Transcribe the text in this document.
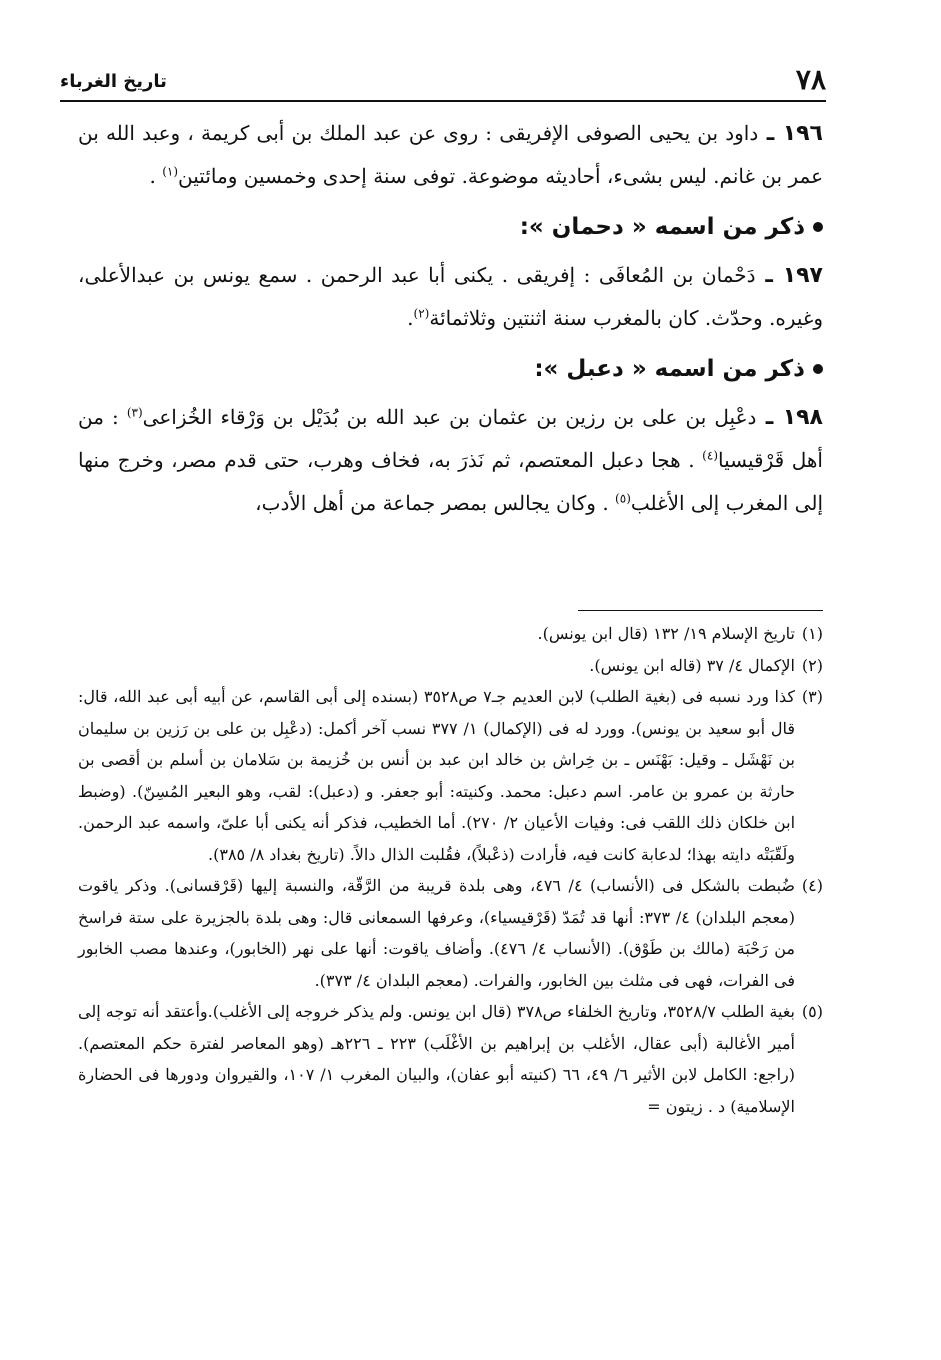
٧٨
تاريخ الغرباء

١٩٦ ـ داود بن يحيى الصوفى الإفريقى : روى عن عبد الملك بن أبى كريمة ، وعبد الله بن عمر بن غانم. ليس بشىء، أحاديثه موضوعة. توفى سنة إحدى وخمسين ومائتين$^{(١)}$ .

ذكر من اسمه « دحمان »:

١٩٧ ـ دَحْمان بن المُعافَى : إفريقى . يكنى أبا عبد الرحمن . سمع يونس بن عبدالأعلى، وغيره. وحدّث. كان بالمغرب سنة اثنتين وثلاثمائة$^{(٢)}$.

ذكر من اسمه « دعبل »:

١٩٨ ـ دعْبِل بن على بن رزين بن عثمان بن عبد الله بن بُدَيْل بن وَرْقاء الخُزاعى$^{(٣)}$ : من أهل قَرْقيسيا$^{(٤)}$ . هجا دعبل المعتصم، ثم نَذرَ به، فخاف وهرب، حتى قدم مصر، وخرج منها إلى المغرب إلى الأغلب$^{(٥)}$ . وكان يجالس بمصر جماعة من أهل الأدب،

(١)
تاريخ الإسلام ١٩/ ١٣٢ (قال ابن يونس).

(٢)
الإكمال ٤/ ٣٧ (قاله ابن يونس).

(٣)
كذا ورد نسبه فى (بغية الطلب) لابن العديم جـ٧ ص٣٥٢٨ (بسنده إلى أبى القاسم، عن أبيه أبى عبد الله، قال: قال أبو سعيد بن يونس). وورد له فى (الإكمال) ١/ ٣٧٧ نسب آخر أكمل: (دعْبِل بن على بن رَزين بن سليمان بن نَهْشَل ـ وقيل: بَهْنَس ـ بن خِراش بن خالد ابن عبد بن أنس بن خُزيمة بن سَلامان بن أسلم بن أقصى بن حارثة بن عمرو بن عامر. اسم دعبل: محمد. وكنيته: أبو جعفر. و (دعبل): لقب، وهو البعير المُسِنّ). (وضبط ابن خلكان ذلك اللقب فى: وفيات الأعيان ٢/ ٢٧٠). أما الخطيب، فذكر أنه يكنى أبا علىّ، واسمه عبد الرحمن. ولَقّبَتْه دايته بهذا؛ لدعابة كانت فيه، فأرادت (ذعْبلاً)، فقُلبت الذال دالاً. (تاريخ بغداد ٨/ ٣٨٥).

(٤)
ضُبطت بالشكل فى (الأنساب) ٤/ ٤٧٦، وهى بلدة قريبة من الرَّقّة، والنسبة إليها (قَرْقسانى). وذكر ياقوت (معجم البلدان) ٤/ ٣٧٣: أنها قد تُمَدّ (قَرْقيسياء)، وعرفها السمعانى قال: وهى بلدة بالجزيرة على ستة فراسخ من رَحْبَة (مالك بن طَوْق). (الأنساب ٤/ ٤٧٦). وأضاف ياقوت: أنها على نهر (الخابور)، وعندها مصب الخابور فى الفرات، فهى فى مثلث بين الخابور، والفرات. (معجم البلدان ٤/ ٣٧٣).

(٥)
بغية الطلب ٣٥٢٨/٧، وتاريخ الخلفاء ص٣٧٨ (قال ابن يونس. ولم يذكر خروجه إلى الأغلب).وأعتقد أنه توجه إلى أمير الأغالبة (أبى عقال، الأغلب بن إبراهيم بن الأغْلَب) ٢٢٣ ـ ٢٢٦هـ (وهو المعاصر لفترة حكم المعتصم). (راجع: الكامل لابن الأثير ٦/ ٤٩، ٦٦ (كنيته أبو عفان)، والبيان المغرب ١/ ١٠٧، والقيروان ودورها فى الحضارة الإسلامية) د . زيتون =
